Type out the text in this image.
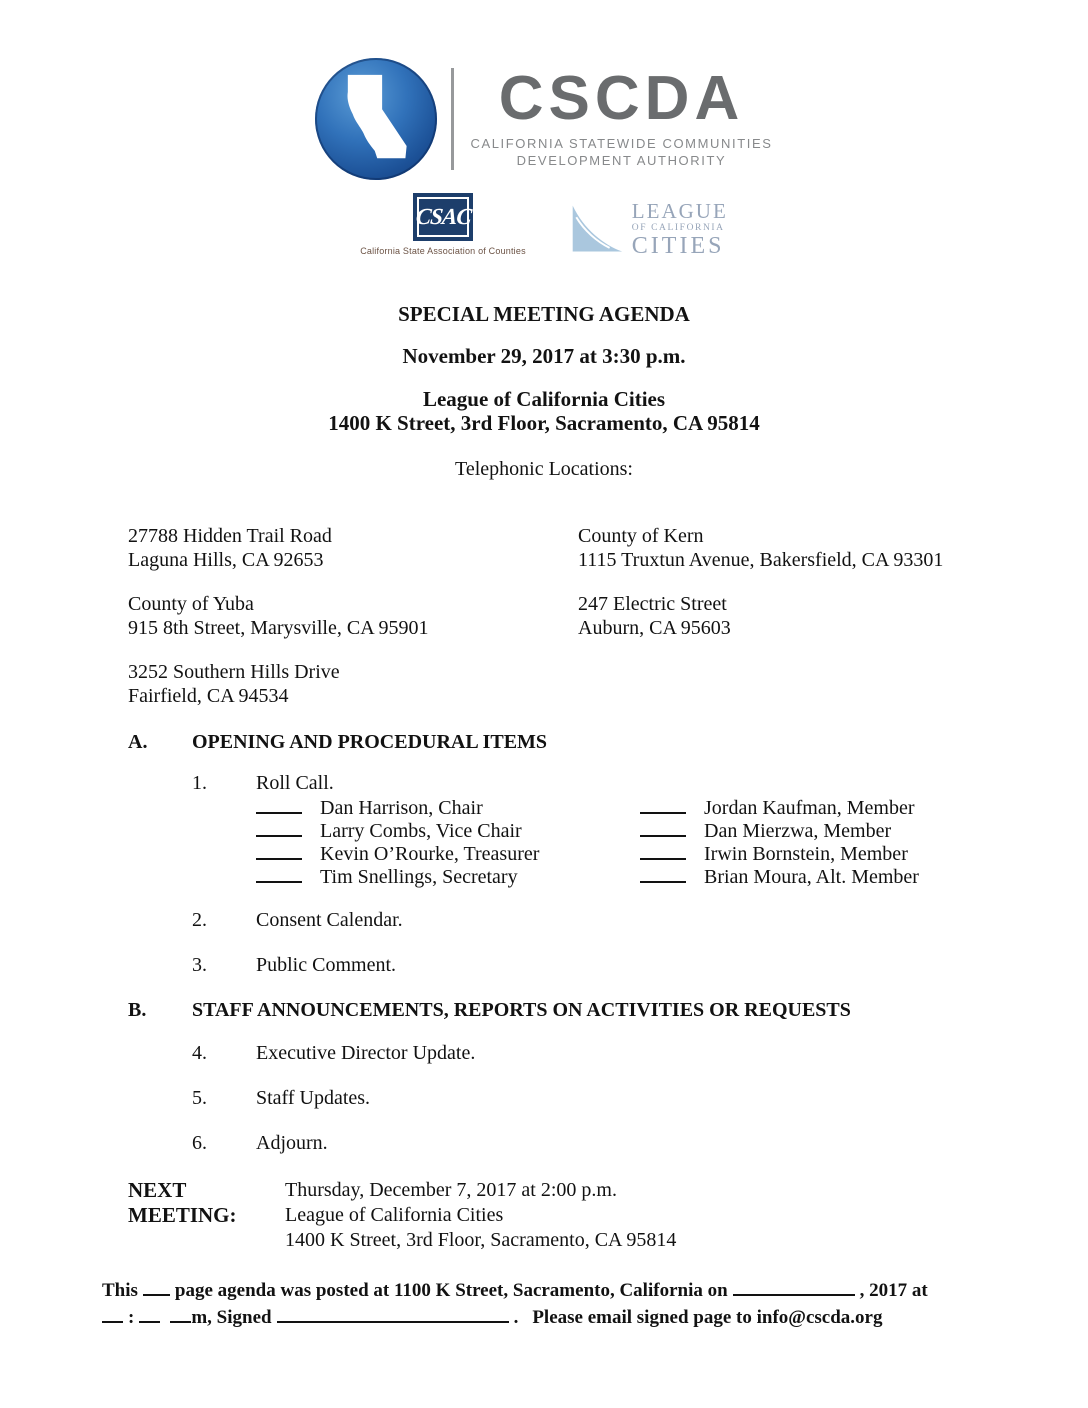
CSCDA
CALIFORNIA STATEWIDE COMMUNITIES
DEVELOPMENT AUTHORITY
CSAC
California State Association of Counties
LEAGUE
OF CALIFORNIA
CITIES
SPECIAL MEETING AGENDA
November 29, 2017 at 3:30 p.m.
League of California Cities
1400 K Street, 3rd Floor, Sacramento, CA 95814
Telephonic Locations:
27788 Hidden Trail Road
Laguna Hills, CA 92653
County of Kern
1115 Truxtun Avenue, Bakersfield, CA 93301
County of Yuba
915 8th Street, Marysville, CA 95901
247 Electric Street
Auburn, CA 95603
3252 Southern Hills Drive
Fairfield, CA 94534
A.	OPENING AND PROCEDURAL ITEMS
1.	Roll Call.
Dan Harrison, Chair	Jordan Kaufman, Member
Larry Combs, Vice Chair	Dan Mierzwa, Member
Kevin O’Rourke, Treasurer	Irwin Bornstein, Member
Tim Snellings, Secretary	Brian Moura, Alt. Member
2.	Consent Calendar.
3.	Public Comment.
B.	STAFF ANNOUNCEMENTS, REPORTS ON ACTIVITIES OR REQUESTS
4.	Executive Director Update.
5.	Staff Updates.
6.	Adjourn.
NEXT MEETING:
Thursday, December 7, 2017 at 2:00 p.m.
League of California Cities
1400 K Street, 3rd Floor, Sacramento, CA 95814
This page agenda was posted at 1100 K Street, Sacramento, California on	, 2017 at
:	m, Signed	. Please email signed page to info@cscda.org
